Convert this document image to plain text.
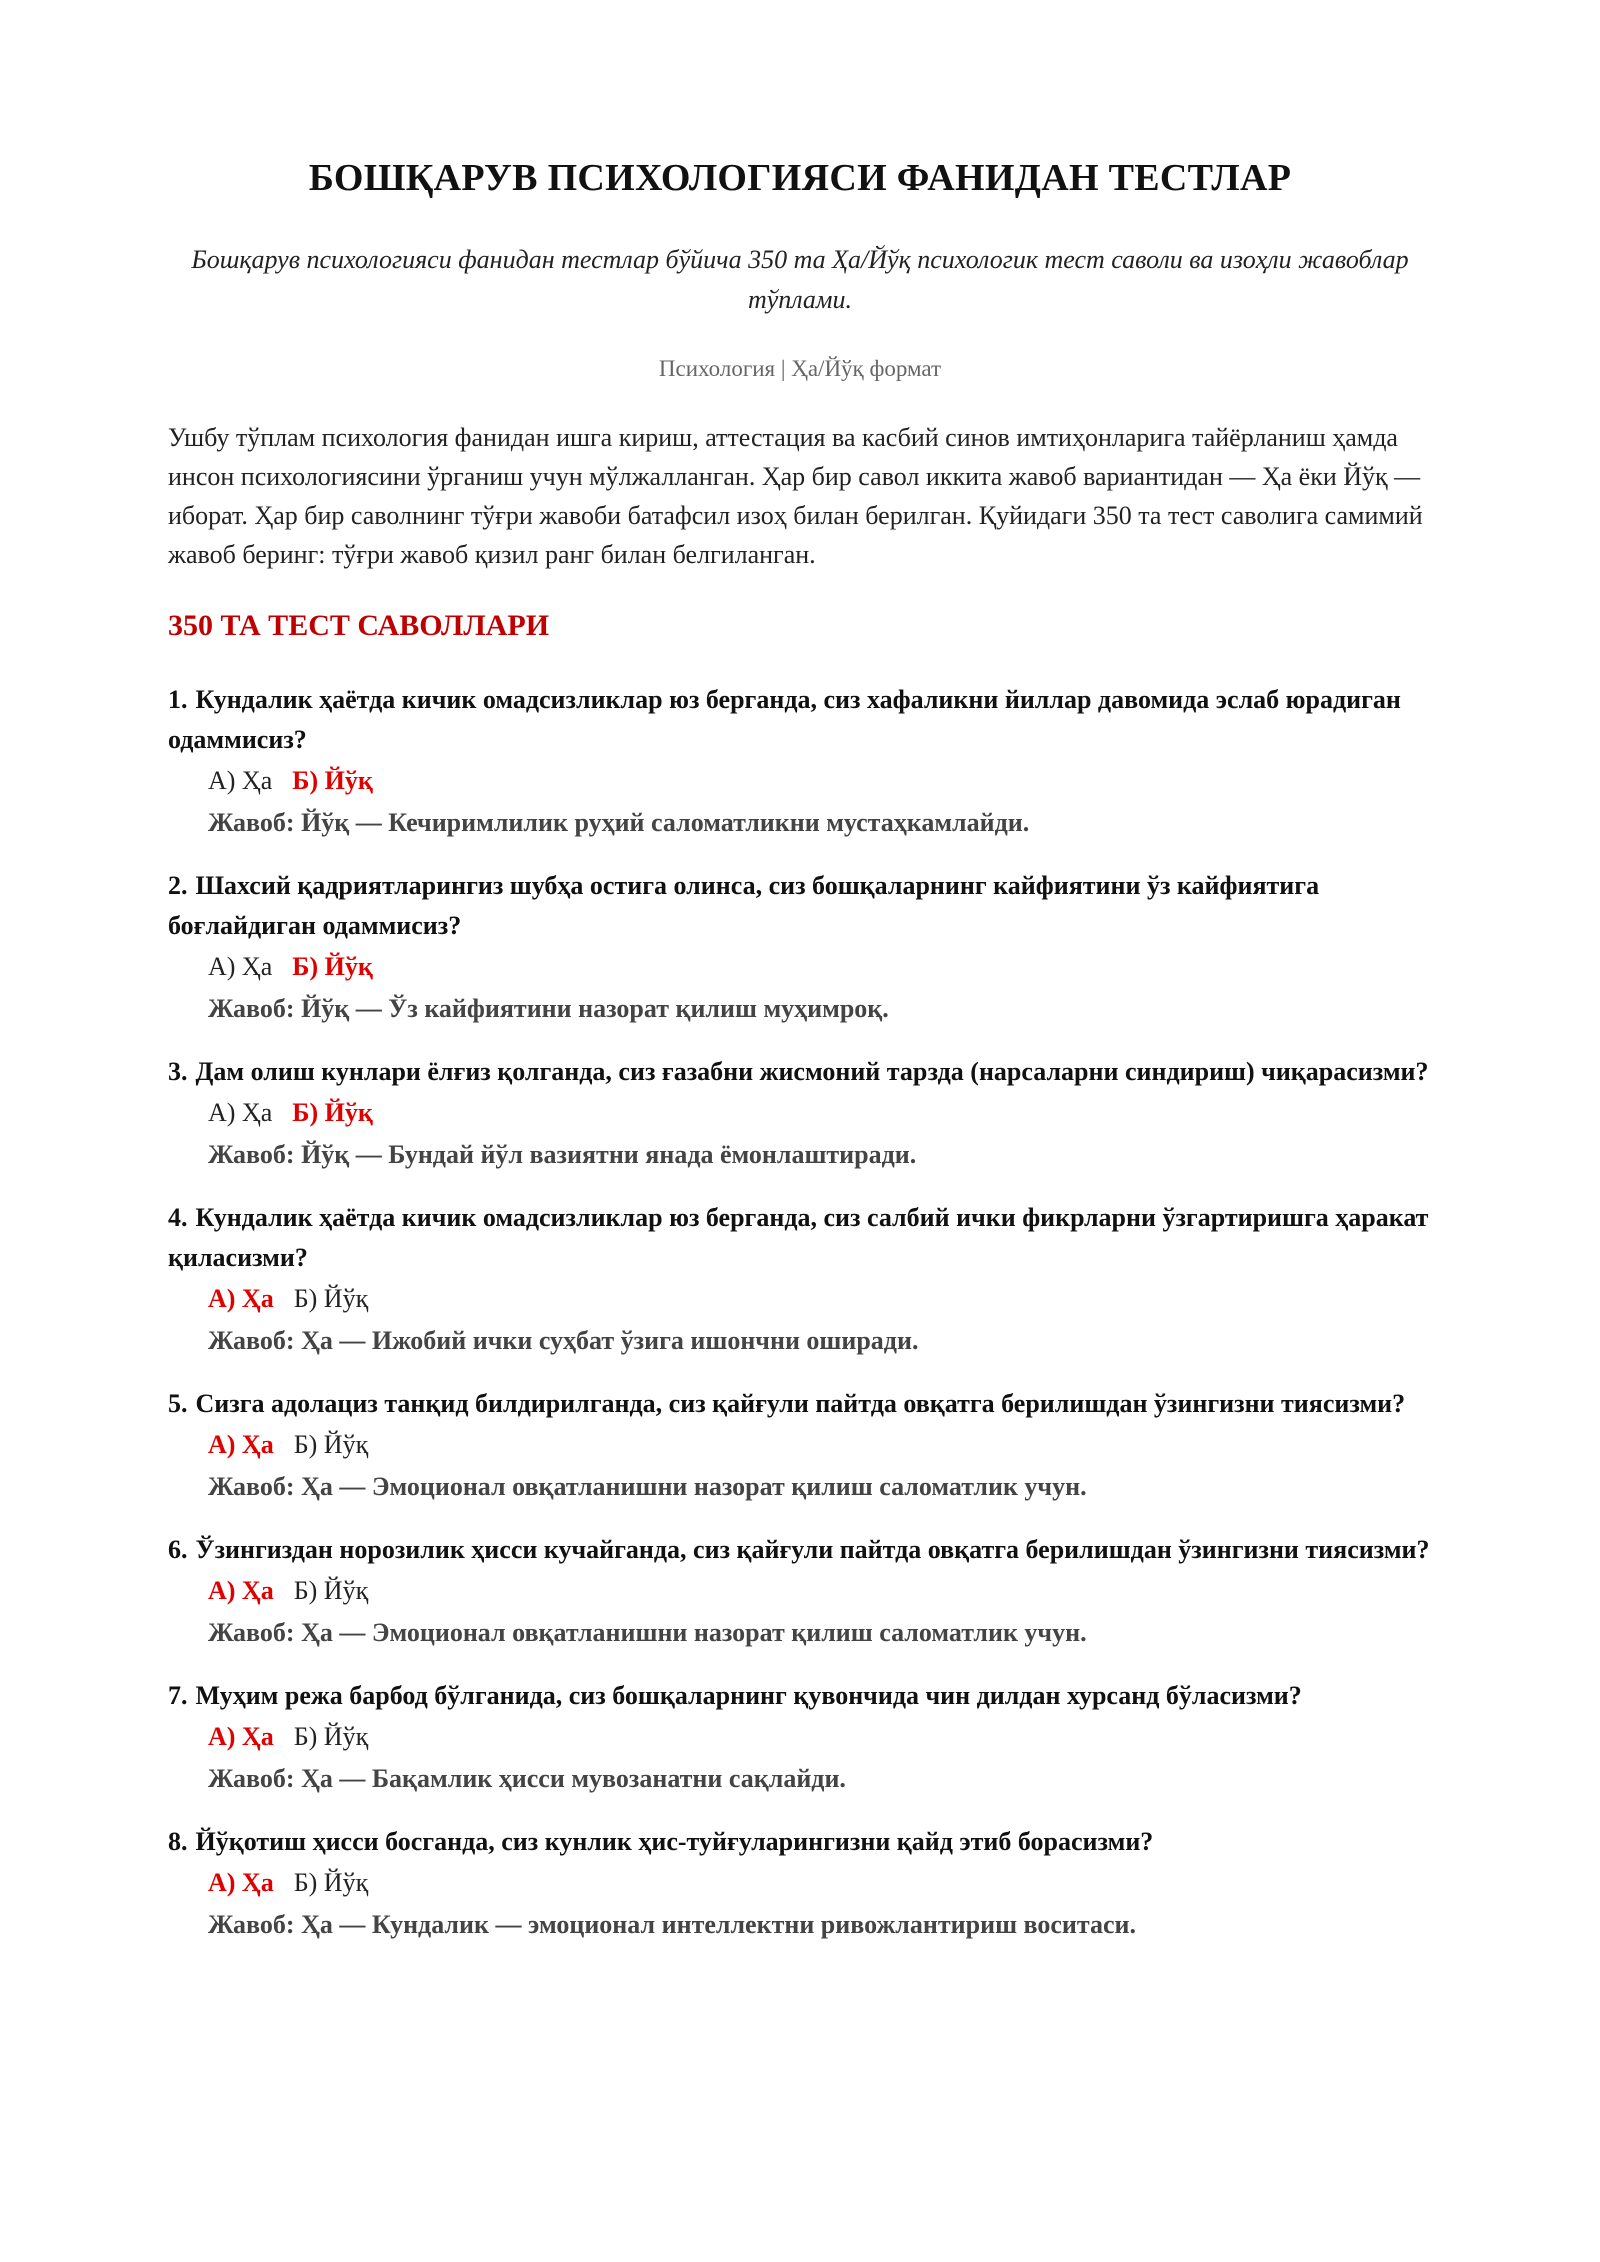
БОШҚАРУВ ПСИХОЛОГИЯСИ ФАНИДАН ТЕСТЛАР
Бошқарув психологияси фанидан тестлар бўйича 350 та Ҳа/Йўқ психологик тест саволи ва изоҳли жавоблар тўплами.
Психология | Ҳа/Йўқ формат

Ушбу тўплам психология фанидан ишга кириш, аттестация ва касбий синов имтиҳонларига тайёрланиш ҳамда инсон психологиясини ўрганиш учун мўлжалланган. Ҳар бир савол иккита жавоб вариантидан — Ҳа ёки Йўқ — иборат. Ҳар бир саволнинг тўғри жавоби батафсил изоҳ билан берилган. Қуйидаги 350 та тест саволига самимий жавоб беринг: тўғри жавоб қизил ранг билан белгиланган.

350 ТА ТЕСТ САВОЛЛАРИ
1. Кундалик ҳаётда кичик омадсизликлар юз берганда, сиз хафаликни йиллар давомида эслаб юрадиган одаммисиз?
А) Ҳа Б) Йўқ
Жавоб: Йўқ — Кечиримлилик руҳий саломатликни мустаҳкамлайди.
2. Шахсий қадриятларингиз шубҳа остига олинса, сиз бошқаларнинг кайфиятини ўз кайфиятига боғлайдиган одаммисиз?
А) Ҳа Б) Йўқ
Жавоб: Йўқ — Ўз кайфиятини назорат қилиш муҳимроқ.
3. Дам олиш кунлари ёлғиз қолганда, сиз ғазабни жисмоний тарзда (нарсаларни синдириш) чиқарасизми?
А) Ҳа Б) Йўқ
Жавоб: Йўқ — Бундай йўл вазиятни янада ёмонлаштиради.
4. Кундалик ҳаётда кичик омадсизликлар юз берганда, сиз салбий ички фикрларни ўзгартиришга ҳаракат қиласизми?
А) Ҳа Б) Йўқ
Жавоб: Ҳа — Ижобий ички суҳбат ўзига ишончни оширади.
5. Сизга адолациз танқид билдирилганда, сиз қайғули пайтда овқатга берилишдан ўзингизни тиясизми?
А) Ҳа Б) Йўқ
Жавоб: Ҳа — Эмоционал овқатланишни назорат қилиш саломатлик учун.
6. Ўзингиздан норозилик ҳисси кучайганда, сиз қайғули пайтда овқатга берилишдан ўзингизни тиясизми?
А) Ҳа Б) Йўқ
Жавоб: Ҳа — Эмоционал овқатланишни назорат қилиш саломатлик учун.
7. Муҳим режа барбод бўлганида, сиз бошқаларнинг қувончида чин дилдан хурсанд бўласизми?
А) Ҳа Б) Йўқ
Жавоб: Ҳа — Бақамлик ҳисси мувозанатни сақлайди.
8. Йўқотиш ҳисси босганда, сиз кунлик ҳис-туйғуларингизни қайд этиб борасизми?
А) Ҳа Б) Йўқ
Жавоб: Ҳа — Кундалик — эмоционал интеллектни ривожлантириш воситаси.
